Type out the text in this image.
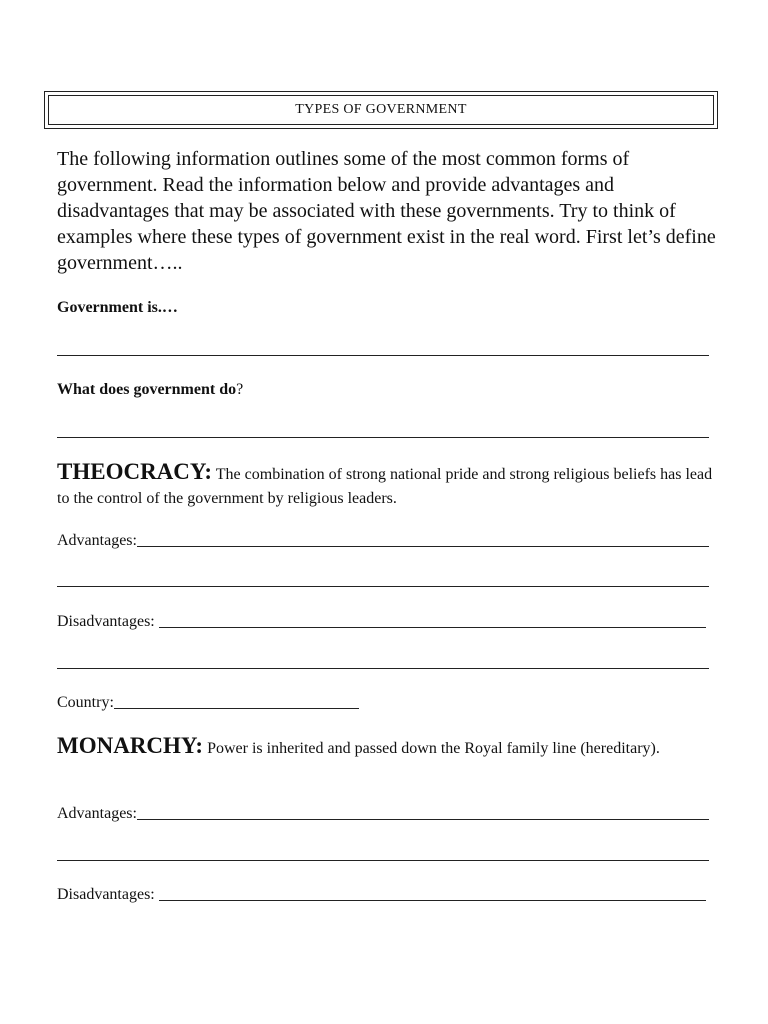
TYPES OF GOVERNMENT

The following information outlines some of the most common forms of government. Read the information below and provide advantages and disadvantages that may be associated with these governments. Try to think of examples where these types of government exist in the real word. First let’s define government…..

Government is.…

What does government do?

THEOCRACY: The combination of strong national pride and strong religious beliefs has lead to the control of the government by religious leaders.

Advantages:
Disadvantages:
Country:

MONARCHY: Power is inherited and passed down the Royal family line (hereditary).

Advantages:
Disadvantages:
